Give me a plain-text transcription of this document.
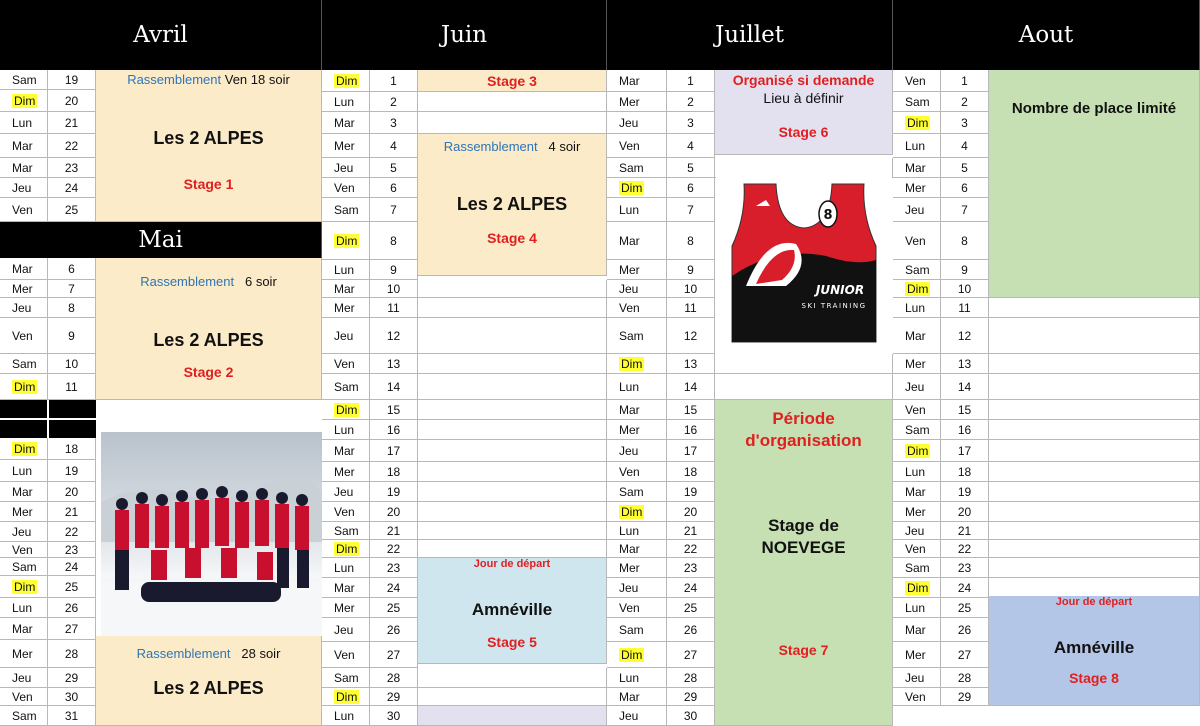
Avril	Juin	Juillet	Aout
Mai
Sam 19
Dim 20
Lun	21
Mar	22
Mar	23
Jeu	24
Ven	25
Mar	6
Mer	7
Jeu	8
Ven	9
Sam 10
Dim 11
Dim 18
Lun	19
Mar	20
Mer	21
Jeu	22
Ven	23
Sam 24
Dim 25
Lun	26
Mar	27
Mer	28
Jeu	29
Ven	30
Sam 31
Dim	1
Lun	2
Mar	3
Mer	4
Jeu	5
Ven	6
Sam	7
Dim	8
Lun	9
Mar	10
Mer	11
Jeu	12
Ven	13
Sam 14
Dim 15
Lun	16
Mar	17
Mer	18
Jeu	19
Ven	20
Sam 21
Dim 22
Lun	23
Mar	24
Mer	25
Jeu	26
Ven	27
Sam 28
Dim 29
Lun	30
Mar	1
Mer	2
Jeu	3
Ven	4
Sam	5
Dim	6
Lun	7
Mar	8
Mer	9
Jeu	10
Ven	11
Sam	12
Dim	13
Lun	14
Mar	15
Mer	16
Jeu	17
Ven	18
Sam	19
Dim	20
Lun	21
Mar	22
Mer	23
Jeu	24
Ven	25
Sam	26
Dim	27
Lun	28
Mar	29
Jeu	30
Ven	1
Sam	2
Dim	3
Lun	4
Mar	5
Mer	6
Jeu	7
Ven	8
Sam	9
Dim 10
Lun	11
Mar	12
Mer	13
Jeu	14
Ven	15
Sam 16
Dim 17
Lun	18
Mar	19
Mer	20
Jeu	21
Ven	22
Sam 23
Dim 24
Lun	25
Mar	26
Mer	27
Jeu	28
Ven	29
Rassemblement Ven 18 soir
Les 2 ALPES
Stage 1
Rassemblement 6 soir
Les 2 ALPES
Stage 2
Rassemblement 28 soir
Les 2 ALPES
Stage 3
Rassemblement 4 soir
Les 2 ALPES
Stage 4
Jour de départ
Amnéville
Stage 5
Organisé si demande
Lieu à définir
Stage 6
JUNIOR
SKI TRAINING
8
Période
d'organisation
Stage de
NOEVEGE
Stage 7
Nombre de place limité
Jour de départ
Amnéville
Stage 8
